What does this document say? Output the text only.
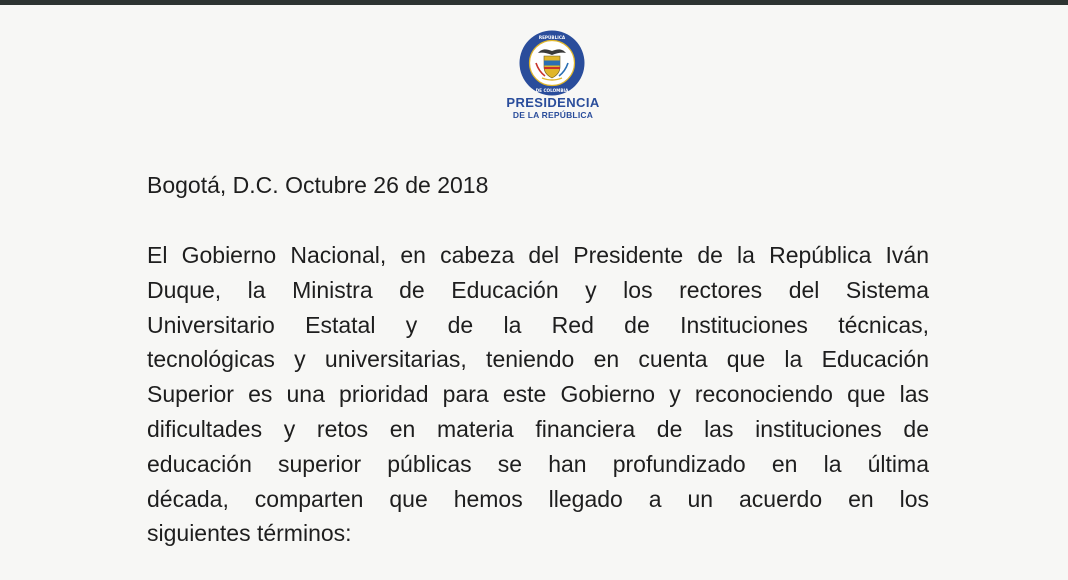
REPÚBLICA
DE COLOMBIA
PRESIDENCIA
DE LA REPÚBLICA
Bogotá, D.C. Octubre 26 de 2018
El Gobierno Nacional, en cabeza del Presidente de la República Iván
Duque, la Ministra de Educación y los rectores del Sistema
Universitario Estatal y de la Red de Instituciones técnicas,
tecnológicas y universitarias, teniendo en cuenta que la Educación
Superior es una prioridad para este Gobierno y reconociendo que las
dificultades y retos en materia financiera de las instituciones de
educación superior públicas se han profundizado en la última
década, comparten que hemos llegado a un acuerdo en los
siguientes términos:
